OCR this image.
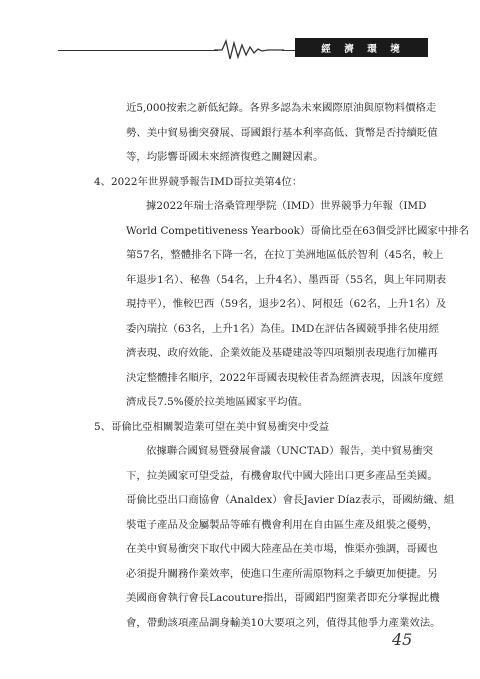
經　濟　環　境

近5,000按索之新低紀錄。各界多認為未來國際原油與原物料價格走

勢、美中貿易衝突發展、哥國銀行基本利率高低、貨幣是否持續貶值

等，均影響哥國未來經濟復甦之關鍵因素。

4、2022年世界競爭報告IMD哥拉美第4位：

據2022年瑞士洛桑管理學院（IMD）世界競爭力年報（IMD

World Competitiveness Yearbook）哥倫比亞在63個受評比國家中排名

第57名，整體排名下降一名，在拉丁美洲地區低於智利（45名，較上

年退步1名）、秘魯（54名，上升4名）、墨西哥（55名，與上年同期表

現持平），惟較巴西（59名，退步2名）、阿根廷（62名，上升1名）及

委內瑞拉（63名，上升1名）為佳。IMD在評估各國競爭排名使用經

濟表現、政府效能、企業效能及基礎建設等四項類別表現進行加權再

決定整體排名順序，2022年哥國表現較佳者為經濟表現，因該年度經

濟成長7.5%優於拉美地區國家平均值。

5、哥倫比亞相關製造業可望在美中貿易衝突中受益

依據聯合國貿易暨發展會議（UNCTAD）報告，美中貿易衝突

下，拉美國家可望受益，有機會取代中國大陸出口更多產品至美國。

哥倫比亞出口商協會（Analdex）會長Javier Díaz表示，哥國紡織、組

裝電子產品及金屬製品等確有機會利用在自由區生產及組裝之優勢，

在美中貿易衝突下取代中國大陸產品在美市場，惟渠亦強調，哥國也

必須提升關務作業效率，使進口生產所需原物料之手續更加便捷。另

美國商會執行會長Lacouture指出，哥國鋁門窗業者即充分掌握此機

會，帶動該項產品調身輸美10大要項之列，值得其他爭力產業效法。

45
